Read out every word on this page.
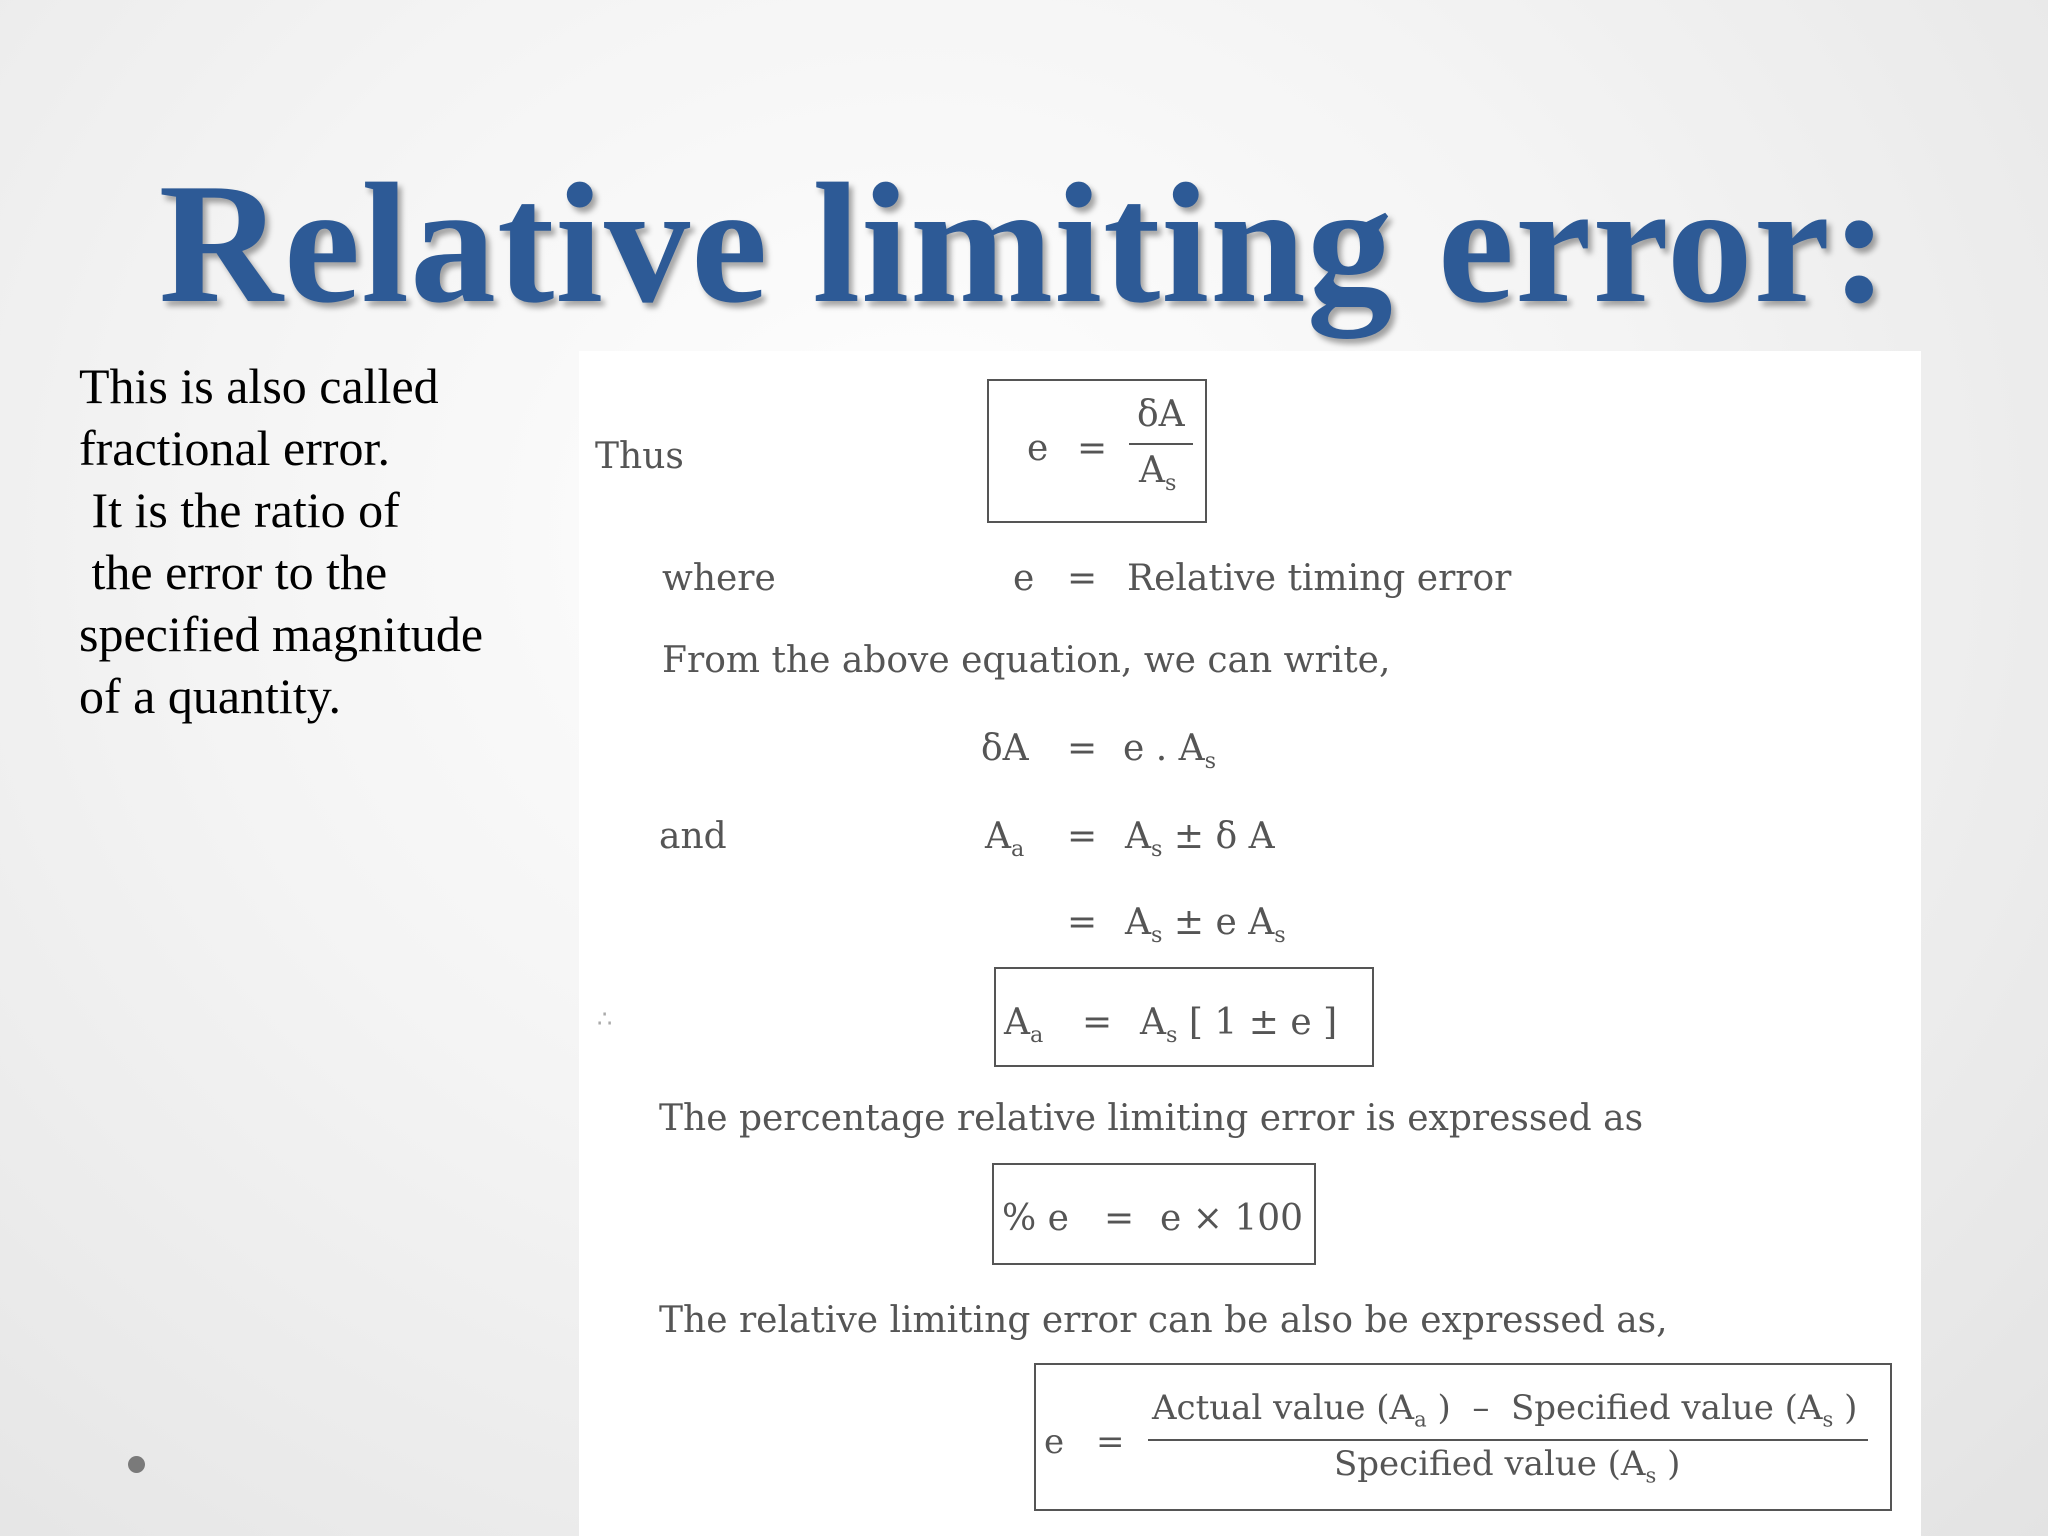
Relative limiting error:
This is also called
fractional error.
It is the ratio of
the error to the
specified magnitude
of a quantity.
Thus	e =
δA
$A_s$
where	e = Relative timing error
From the above equation, we can write,
δA = e . $A_s$
and	$A_a = A_s \pm \delta$ A
= $A_s \pm e$ $A_s$
∴	$A_a = A_s$ [ 1 ± e ]
The percentage relative limiting error is expressed as
% e = e × 100
The relative limiting error can be also be expressed as,
e =
Actual value ($A_a$ )  –  Specified value ($A_s$ )
Specified value ($A_s$ )
